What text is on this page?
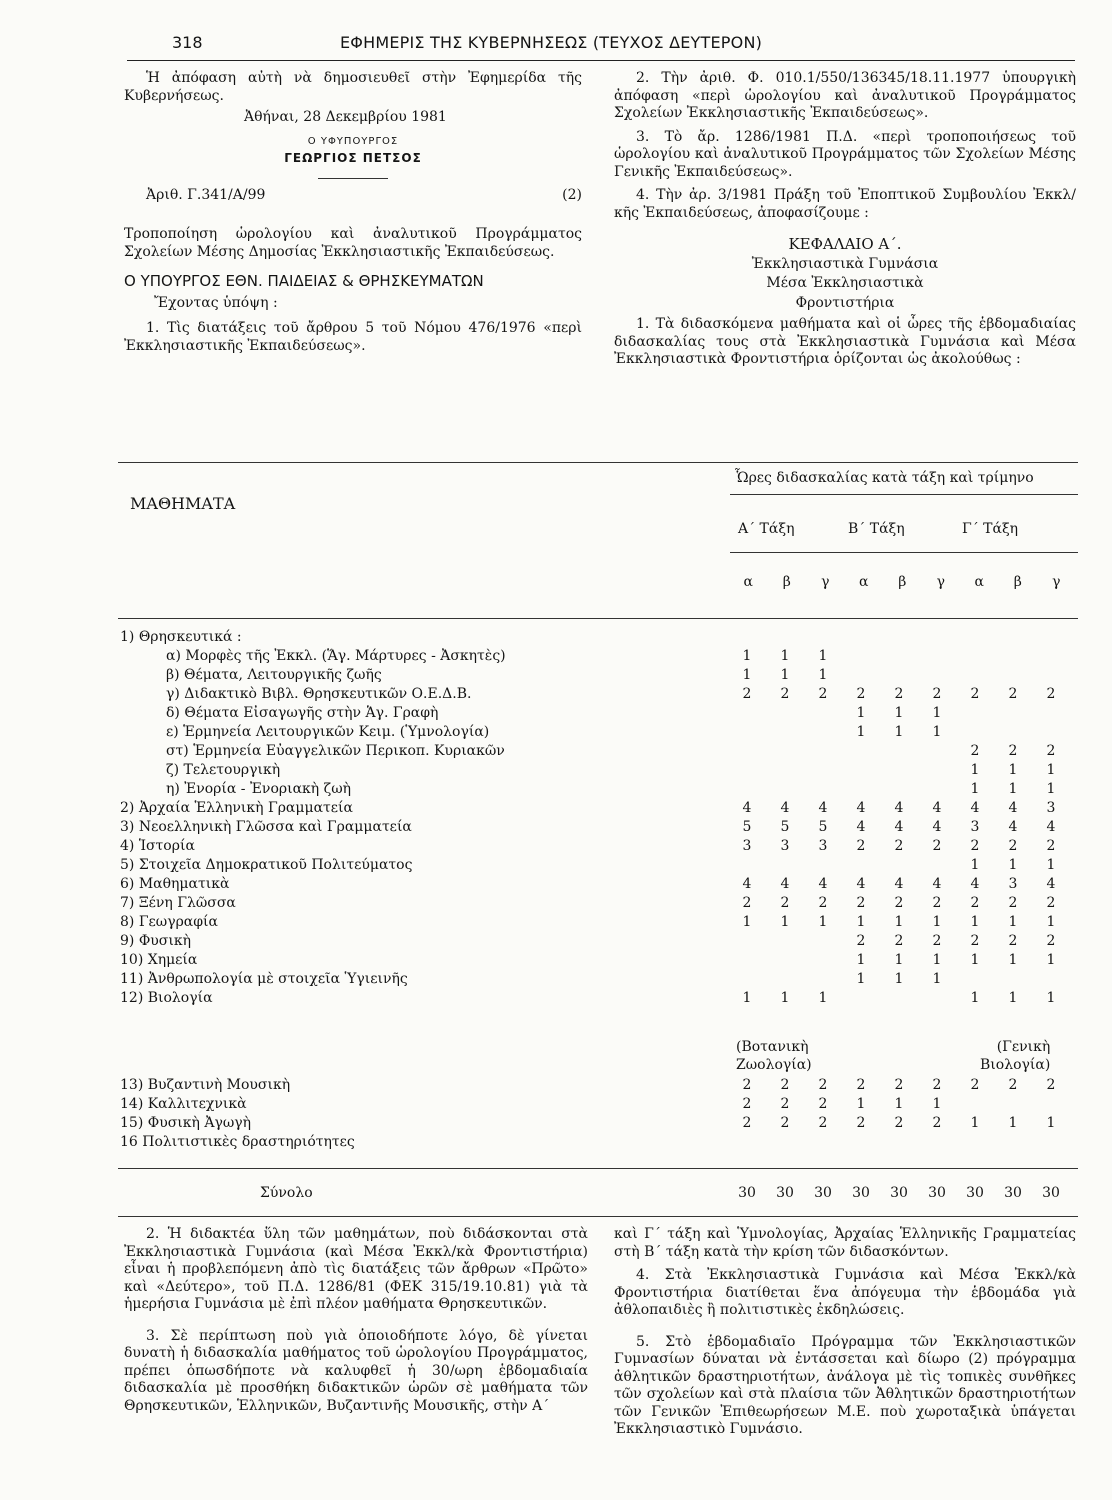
318	ΕΦΗΜΕΡΙΣ ΤΗΣ ΚΥΒΕΡΝΗΣΕΩΣ (ΤΕΥΧΟΣ ΔΕΥΤΕΡΟΝ)

Ἡ ἀπόφαση αὐτὴ νὰ δημοσιευθεῖ στὴν Ἐφημερίδα τῆς Κυβερνήσεως.

Ἀθήναι, 28 Δεκεμβρίου 1981

Ο ΥΦΥΠΟΥΡΓΟΣ

ΓΕΩΡΓΙΟΣ ΠΕΤΣΟΣ

Ἀριθ. Γ.341/Α/99	(2)

Τροποποίηση ὡρολογίου καὶ ἀναλυτικοῦ Προγράμματος Σχολείων Μέσης Δημοσίας Ἐκκλησιαστικῆς Ἐκπαιδεύσεως.

Ο ΥΠΟΥΡΓΟΣ ΕΘΝ. ΠΑΙΔΕΙΑΣ & ΘΡΗΣΚΕΥΜΑΤΩΝ

Ἔχοντας ὑπόψη :

1. Τὶς διατάξεις τοῦ ἄρθρου 5 τοῦ Νόμου 476/1976 «περὶ Ἐκκλησιαστικῆς Ἐκπαιδεύσεως».

2. Τὴν ἀριθ. Φ. 010.1/550/136345/18.11.1977 ὑπουργικὴ ἀπόφαση «περὶ ὡρολογίου καὶ ἀναλυτικοῦ Προγράμματος Σχολείων Ἐκκλησιαστικῆς Ἐκπαιδεύσεως».

3. Τὸ ἄρ. 1286/1981 Π.Δ. «περὶ τροποποιήσεως τοῦ ὡρολογίου καὶ ἀναλυτικοῦ Προγράμματος τῶν Σχολείων Μέσης Γενικῆς Ἐκπαιδεύσεως».

4. Τὴν ἀρ. 3/1981 Πράξη τοῦ Ἐποπτικοῦ Συμβουλίου Ἐκκλ/κῆς Ἐκπαιδεύσεως, ἀποφασίζουμε :

ΚΕΦΑΛΑΙΟ Α΄.

Ἐκκλησιαστικὰ Γυμνάσια

Μέσα Ἐκκλησιαστικὰ

Φροντιστήρια

1. Τὰ διδασκόμενα μαθήματα καὶ οἱ ὧρες τῆς ἑβδομαδιαίας διδασκαλίας τους στὰ Ἐκκλησιαστικὰ Γυμνάσια καὶ Μέσα Ἐκκλησιαστικὰ Φροντιστήρια ὁρίζονται ὡς ἀκολούθως :

ΜΑΘΗΜΑΤΑ
Ὧρες διδασκαλίας κατὰ τάξη καὶ τρίμηνο
Α΄ Τάξη	Β΄ Τάξη	Γ΄ Τάξη
α	β	γ	α	β	γ	α	β	γ
1) Θρησκευτικά :									
α) Μορφὲς τῆς Ἐκκλ. (Ἅγ. Μάρτυρες - Ἀσκητὲς)	1	1	1						
β) Θέματα, Λειτουργικῆς ζωῆς	1	1	1						
γ) Διδακτικὸ Βιβλ. Θρησκευτικῶν Ο.Ε.Δ.Β.	2	2	2	2	2	2	2	2	2
δ) Θέματα Εἰσαγωγῆς στὴν Ἁγ. Γραφὴ				1	1	1			
ε) Ἑρμηνεία Λειτουργικῶν Κειμ. (Ὑμνολογία)				1	1	1			
στ) Ἑρμηνεία Εὐαγγελικῶν Περικοπ. Κυριακῶν							2	2	2
ζ) Τελετουργικὴ							1	1	1
η) Ἐνορία - Ἐνοριακὴ ζωὴ							1	1	1
2) Ἀρχαία Ἑλληνικὴ Γραμματεία	4	4	4	4	4	4	4	4	3
3) Νεοελληνικὴ Γλῶσσα καὶ Γραμματεία	5	5	5	4	4	4	3	4	4
4) Ἱστορία	3	3	3	2	2	2	2	2	2
5) Στοιχεῖα Δημοκρατικοῦ Πολιτεύματος							1	1	1
6) Μαθηματικὰ	4	4	4	4	4	4	4	3	4
7) Ξένη Γλῶσσα	2	2	2	2	2	2	2	2	2
8) Γεωγραφία	1	1	1	1	1	1	1	1	1
9) Φυσικὴ				2	2	2	2	2	2
10) Χημεία				1	1	1	1	1	1
11) Ἀνθρωπολογία μὲ στοιχεῖα Ὑγιεινῆς				1	1	1			
12) Βιολογία	1	1	1				1	1	1
(Βοτανικὴ
Ζωολογία)
(Γενικὴ
Βιολογία)
13) Βυζαντινὴ Μουσικὴ	2	2	2	2	2	2	2	2	2
14) Καλλιτεχνικὰ	2	2	2	1	1	1			
15) Φυσικὴ Ἀγωγὴ	2	2	2	2	2	2	1	1	1
16 Πολιτιστικὲς δραστηριότητες									
Σύνολο	30	30	30	30	30	30	30	30	30

2. Ἡ διδακτέα ὕλη τῶν μαθημάτων, ποὺ διδάσκονται στὰ Ἐκκλησιαστικὰ Γυμνάσια (καὶ Μέσα Ἐκκλ/κὰ Φροντιστήρια) εἶναι ἡ προβλεπόμενη ἀπὸ τὶς διατάξεις τῶν ἄρθρων «Πρῶτο» καὶ «Δεύτερο», τοῦ Π.Δ. 1286/81 (ΦΕΚ 315/19.10.81) γιὰ τὰ ἡμερήσια Γυμνάσια μὲ ἐπὶ πλέον μαθήματα Θρησκευτικῶν.

3. Σὲ περίπτωση ποὺ γιὰ ὁποιοδήποτε λόγο, δὲ γίνεται δυνατὴ ἡ διδασκαλία μαθήματος τοῦ ὡρολογίου Προγράμματος, πρέπει ὁπωσδήποτε νὰ καλυφθεῖ ἡ 30/ωρη ἑβδομαδιαία διδασκαλία μὲ προσθήκη διδακτικῶν ὡρῶν σὲ μαθήματα τῶν Θρησκευτικῶν, Ἑλληνικῶν, Βυζαντινῆς Μουσικῆς, στὴν Α΄

καὶ Γ΄ τάξη καὶ Ὑμνολογίας, Ἀρχαίας Ἑλληνικῆς Γραμματείας στὴ Β΄ τάξη κατὰ τὴν κρίση τῶν διδασκόντων.

4. Στὰ Ἐκκλησιαστικὰ Γυμνάσια καὶ Μέσα Ἐκκλ/κὰ Φροντιστήρια διατίθεται ἕνα ἀπόγευμα τὴν ἑβδομάδα γιὰ ἀθλοπαιδιὲς ἢ πολιτιστικὲς ἐκδηλώσεις.

5. Στὸ ἑβδομαδιαῖο Πρόγραμμα τῶν Ἐκκλησιαστικῶν Γυμνασίων δύναται νὰ ἐντάσσεται καὶ δίωρο (2) πρόγραμμα ἀθλητικῶν δραστηριοτήτων, ἀνάλογα μὲ τὶς τοπικὲς συνθῆκες τῶν σχολείων καὶ στὰ πλαίσια τῶν Ἀθλητικῶν δραστηριοτήτων τῶν Γενικῶν Ἐπιθεωρήσεων Μ.Ε. ποὺ χωροταξικὰ ὑπάγεται Ἐκκλησιαστικὸ Γυμνάσιο.
